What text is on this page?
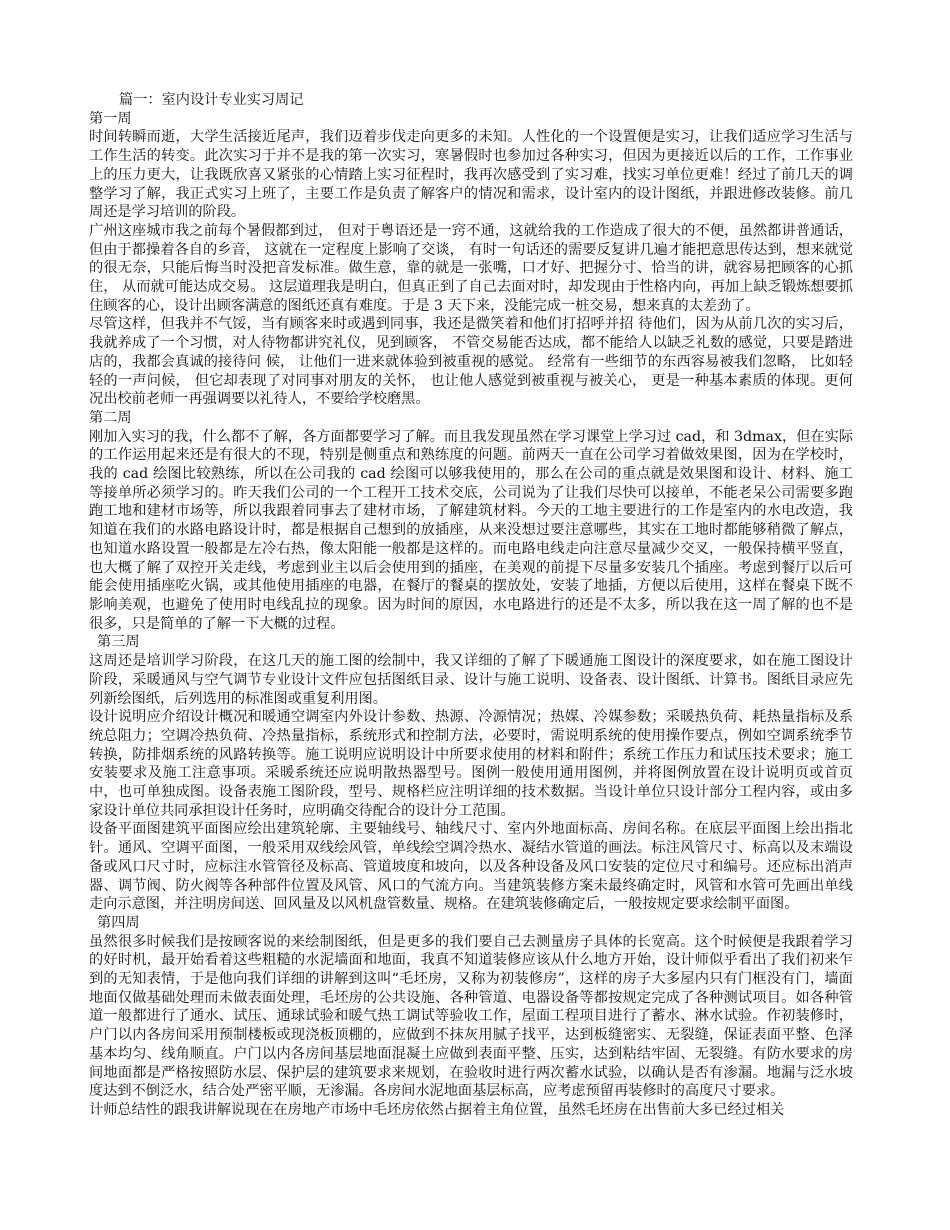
篇一：室内设计专业实习周记

第一周

时间转瞬而逝，大学生活接近尾声，我们迈着步伐走向更多的未知。人性化的一个设置便是实习，让我们适应学习生活与工作生活的转变。此次实习于并不是我的第一次实习，寒暑假时也参加过各种实习，但因为更接近以后的工作，工作事业上的压力更大，让我既欣喜又紧张的心情踏上实习征程时，我再次感受到了实习难，找实习单位更难！经过了前几天的调整学习了解，我正式实习上班了，主要工作是负责了解客户的情况和需求，设计室内的设计图纸，并跟进修改装修。前几周还是学习培训的阶段。

广州这座城市我之前每个暑假都到过， 但对于粤语还是一窍不通，这就给我的工作造成了很大的不便，虽然都讲普通话，但由于都操着各自的乡音， 这就在一定程度上影响了交谈， 有时一句话还的需要反复讲几遍才能把意思传达到，想来就觉的很无奈，只能后悔当时没把音发标准。做生意，靠的就是一张嘴，口才好、把握分寸、恰当的讲，就容易把顾客的心抓住， 从而就可能达成交易。 这层道理我是明白，但真正到了自己去面对时，却发现由于性格内向，再加上缺乏锻炼想要抓住顾客的心，设计出顾客满意的图纸还真有难度。于是 3 天下来，没能完成一桩交易，想来真的太差劲了。

尽管这样，但我并不气馁，当有顾客来时或遇到同事，我还是微笑着和他们打招呼并招 待他们，因为从前几次的实习后，我就养成了一个习惯，对人待物都讲究礼仪，见到顾客， 不管交易能否达成，都不能给人以缺乏礼数的感觉，只要是踏进店的，我都会真诚的接待问 候， 让他们一进来就体验到被重视的感觉。 经常有一些细节的东西容易被我们忽略， 比如轻轻的一声问候， 但它却表现了对同事对朋友的关怀， 也让他人感觉到被重视与被关心， 更是一种基本素质的体现。更何况出校前老师一再强调要以礼待人，不要给学校磨黑。

第二周

刚加入实习的我，什么都不了解，各方面都要学习了解。而且我发现虽然在学习课堂上学习过 cad，和 3dmax，但在实际的工作运用起来还是有很大的不现，特别是侧重点和熟练度的问题。前两天一直在公司学习着做效果图，因为在学校时，我的 cad 绘图比较熟练，所以在公司我的 cad 绘图可以够我使用的，那么在公司的重点就是效果图和设计、材料、施工等接单所必须学习的。昨天我们公司的一个工程开工技术交底，公司说为了让我们尽快可以接单，不能老呆公司需要多跑跑工地和建材市场等，所以我跟着同事去了建材市场，了解建筑材料。今天的工地主要进行的工作是室内的水电改造，我知道在我们的水路电路设计时，都是根据自己想到的放插座，从来没想过要注意哪些，其实在工地时都能够稍微了解点，也知道水路设置一般都是左冷右热，像太阳能一般都是这样的。而电路电线走向注意尽量减少交叉，一般保持横平竖直，也大概了解了双控开关走线，考虑到业主以后会使用到的插座，在美观的前提下尽量多安装几个插座。考虑到餐厅以后可能会使用插座吃火锅，或其他使用插座的电器，在餐厅的餐桌的摆放处，安装了地插，方便以后使用，这样在餐桌下既不影响美观，也避免了使用时电线乱拉的现象。因为时间的原因，水电路进行的还是不太多，所以我在这一周了解的也不是很多，只是简单的了解一下大概的过程。

第三周

这周还是培训学习阶段，在这几天的施工图的绘制中，我又详细的了解了下暖通施工图设计的深度要求，如在施工图设计阶段，采暖通风与空气调节专业设计文件应包括图纸目录、设计与施工说明、设备表、设计图纸、计算书。图纸目录应先列新绘图纸，后列选用的标准图或重复利用图。

设计说明应介绍设计概况和暖通空调室内外设计参数、热源、冷源情况；热媒、冷媒参数；采暖热负荷、耗热量指标及系统总阻力；空调冷热负荷、冷热量指标，系统形式和控制方法，必要时，需说明系统的使用操作要点，例如空调系统季节转换，防排烟系统的风路转换等。施工说明应说明设计中所要求使用的材料和附件；系统工作压力和试压技术要求；施工安装要求及施工注意事项。采暖系统还应说明散热器型号。图例一般使用通用图例，并将图例放置在设计说明页或首页中，也可单独成图。设备表施工图阶段，型号、规格栏应注明详细的技术数据。当设计单位只设计部分工程内容，或由多家设计单位共同承担设计任务时，应明确交待配合的设计分工范围。

设备平面图建筑平面图应绘出建筑轮廓、主要轴线号、轴线尺寸、室内外地面标高、房间名称。在底层平面图上绘出指北针。通风、空调平面图，一般采用双线绘风管，单线绘空调冷热水、凝结水管道的画法。标注风管尺寸、标高以及末端设备或风口尺寸时，应标注水管管径及标高、管道坡度和坡向，以及各种设备及风口安装的定位尺寸和编号。还应标出消声器、调节阀、防火阀等各种部件位置及风管、风口的气流方向。当建筑装修方案未最终确定时，风管和水管可先画出单线走向示意图，并注明房间送、回风量及以风机盘管数量、规格。在建筑装修确定后，一般按规定要求绘制平面图。

第四周

虽然很多时候我们是按顾客说的来绘制图纸，但是更多的我们要自己去测量房子具体的长宽高。这个时候便是我跟着学习的好时机，最开始看着这些粗糙的水泥墙面和地面，我真不知道装修应该从什么地方开始，设计师似乎看出了我们初来乍到的无知表情，于是他向我们详细的讲解到这叫“毛坯房，又称为初装修房”，这样的房子大多屋内只有门框没有门，墙面地面仅做基础处理而未做表面处理，毛坯房的公共设施、各种管道、电器设备等都按规定完成了各种测试项目。如各种管道一般都进行了通水、试压、通球试验和暖气热工调试等验收工作，屋面工程项目进行了蓄水、淋水试验。作初装修时，户门以内各房间采用预制楼板或现浇板顶棚的，应做到不抹灰用腻子找平，达到板缝密实、无裂缝，保证表面平整、色泽基本均匀、线角顺直。户门以内各房间基层地面混凝土应做到表面平整、压实，达到粘结牢固、无裂缝。有防水要求的房间地面都是严格按照防水层、保护层的建筑要求来规划，在验收时进行两次蓄水试验，以确认是否有渗漏。地漏与泛水坡度达到不倒泛水，结合处严密平顺，无渗漏。各房间水泥地面基层标高，应考虑预留再装修时的高度尺寸要求。

计师总结性的跟我讲解说现在在房地产市场中毛坯房依然占据着主角位置，虽然毛坯房在出售前大多已经过相关
